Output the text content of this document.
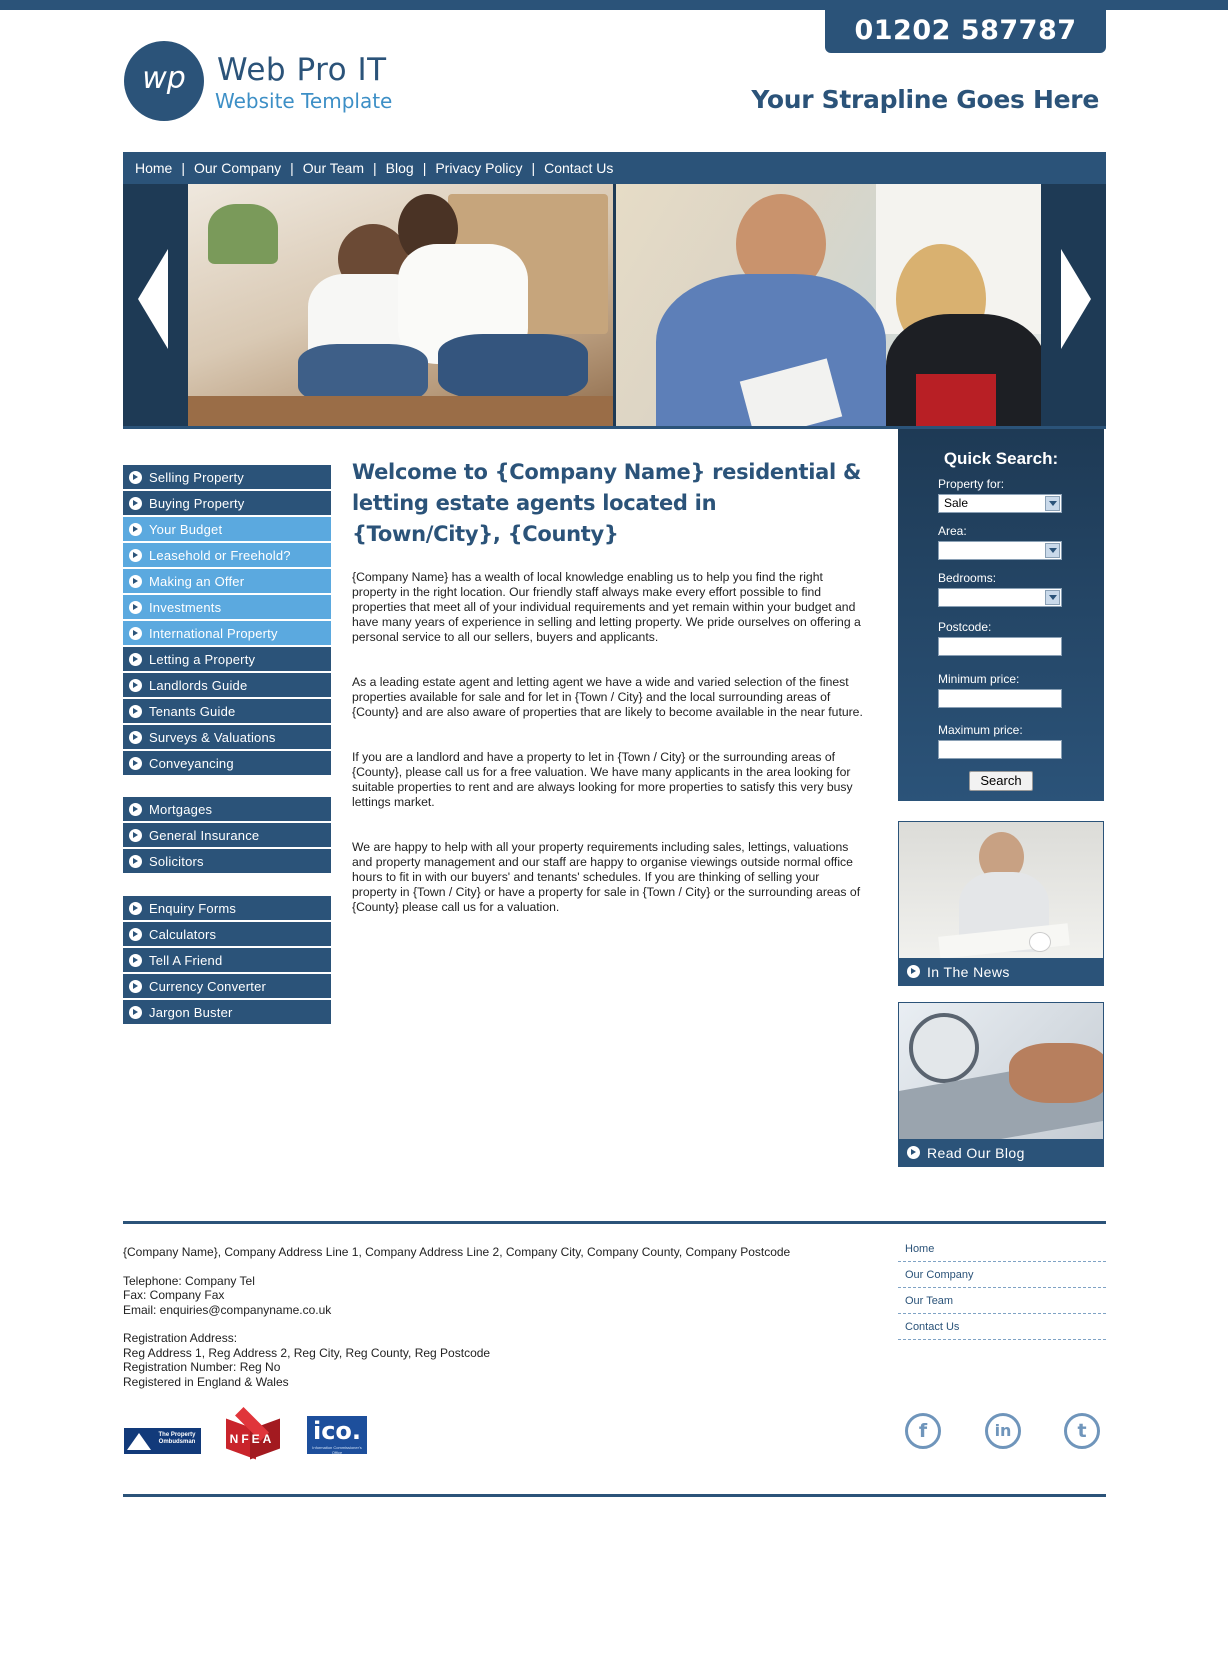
01202 587787
wp	Web Pro IT
Website Template	Your Strapline Goes Here
Home | Our Company | Our Team | Blog | Privacy Policy | Contact Us
Selling Property
Buying Property
Your Budget
Leasehold or Freehold?
Making an Offer
Investments
International Property
Letting a Property
Landlords Guide
Tenants Guide
Surveys & Valuations
Conveyancing
Mortgages
General Insurance
Solicitors
Enquiry Forms
Calculators
Tell A Friend
Currency Converter
Jargon Buster
Welcome to {Company Name} residential & letting estate agents located in {Town/City}, {County}

{Company Name} has a wealth of local knowledge enabling us to help you find the right property in the right location. Our friendly staff always make every effort possible to find properties that meet all of your individual requirements and yet remain within your budget and have many years of experience in selling and letting property. We pride ourselves on offering a personal service to all our sellers, buyers and applicants.

As a leading estate agent and letting agent we have a wide and varied selection of the finest properties available for sale and for let in {Town / City} and the local surrounding areas of {County} and are also aware of properties that are likely to become available in the near future.

If you are a landlord and have a property to let in {Town / City} or the surrounding areas of {County}, please call us for a free valuation. We have many applicants in the area looking for suitable properties to rent and are always looking for more properties to satisfy this very busy lettings market.

We are happy to help with all your property requirements including sales, lettings, valuations and property management and our staff are happy to organise viewings outside normal office hours to fit in with our buyers' and tenants' schedules. If you are thinking of selling your property in {Town / City} or have a property for sale in {Town / City} or the surrounding areas of {County} please call us for a valuation.

Quick Search:
Property for:
Sale
Area:
Bedrooms:
Postcode:
Minimum price:
Maximum price:
Search
In The News
Read Our Blog
{Company Name}, Company Address Line 1, Company Address Line 2, Company City, Company County, Company Postcode
Telephone: Company Tel
Fax: Company Fax
Email: enquiries@companyname.co.uk
Registration Address:
Reg Address 1, Reg Address 2, Reg City, Reg County, Reg Postcode
Registration Number: Reg No
Registered in England & Wales
Home
Our Company
Our Team
Contact Us
The Property Ombudsman	NFEA	ico.
Information Commissioner's Office
f	in	t
